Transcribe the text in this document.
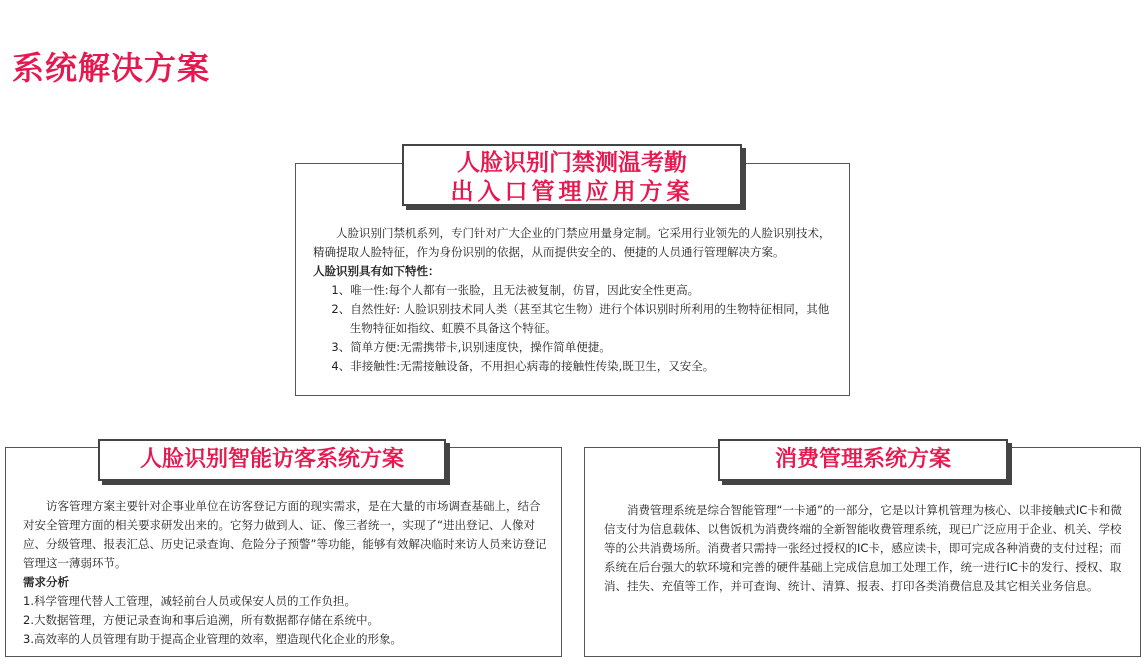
系统解决方案
人脸识别门禁测温考勤
出入口管理应用方案

人脸识别门禁机系列，专门针对广大企业的门禁应用量身定制。它采用行业领先的人脸识别技术，精确提取人脸特征，作为身份识别的依据，从而提供安全的、便捷的人员通行管理解决方案。

人脸识别具有如下特性：

1、唯一性:每个人都有一张脸，且无法被复制，仿冒，因此安全性更高。

2、自然性好: 人脸识别技术同人类（甚至其它生物）进行个体识别时所利用的生物特征相同，其他生物特征如指纹、虹膜不具备这个特征。

3、简单方便:无需携带卡,识别速度快，操作简单便捷。

4、非接触性:无需接触设备，不用担心病毒的接触性传染,既卫生，又安全。

人脸识别智能访客系统方案

访客管理方案主要针对企事业单位在访客登记方面的现实需求，是在大量的市场调查基础上，结合对安全管理方面的相关要求研发出来的。它努力做到人、证、像三者统一，实现了“进出登记、人像对应、分级管理、报表汇总、历史记录查询、危险分子预警”等功能，能够有效解决临时来访人员来访登记管理这一薄弱环节。

需求分析

1.科学管理代替人工管理，减轻前台人员或保安人员的工作负担。

2.大数据管理，方便记录查询和事后追溯，所有数据都存储在系统中。

3.高效率的人员管理有助于提高企业管理的效率，塑造现代化企业的形象。

消费管理系统方案

消费管理系统是综合智能管理“一卡通”的一部分，它是以计算机管理为核心、以非接触式IC卡和微信支付为信息载体、以售饭机为消费终端的全新智能收费管理系统，现已广泛应用于企业、机关、学校等的公共消费场所。消费者只需持一张经过授权的IC卡，感应读卡，即可完成各种消费的支付过程；而系统在后台强大的软环境和完善的硬件基础上完成信息加工处理工作，统一进行IC卡的发行、授权、取消、挂失、充值等工作，并可查询、统计、清算、报表、打印各类消费信息及其它相关业务信息。
